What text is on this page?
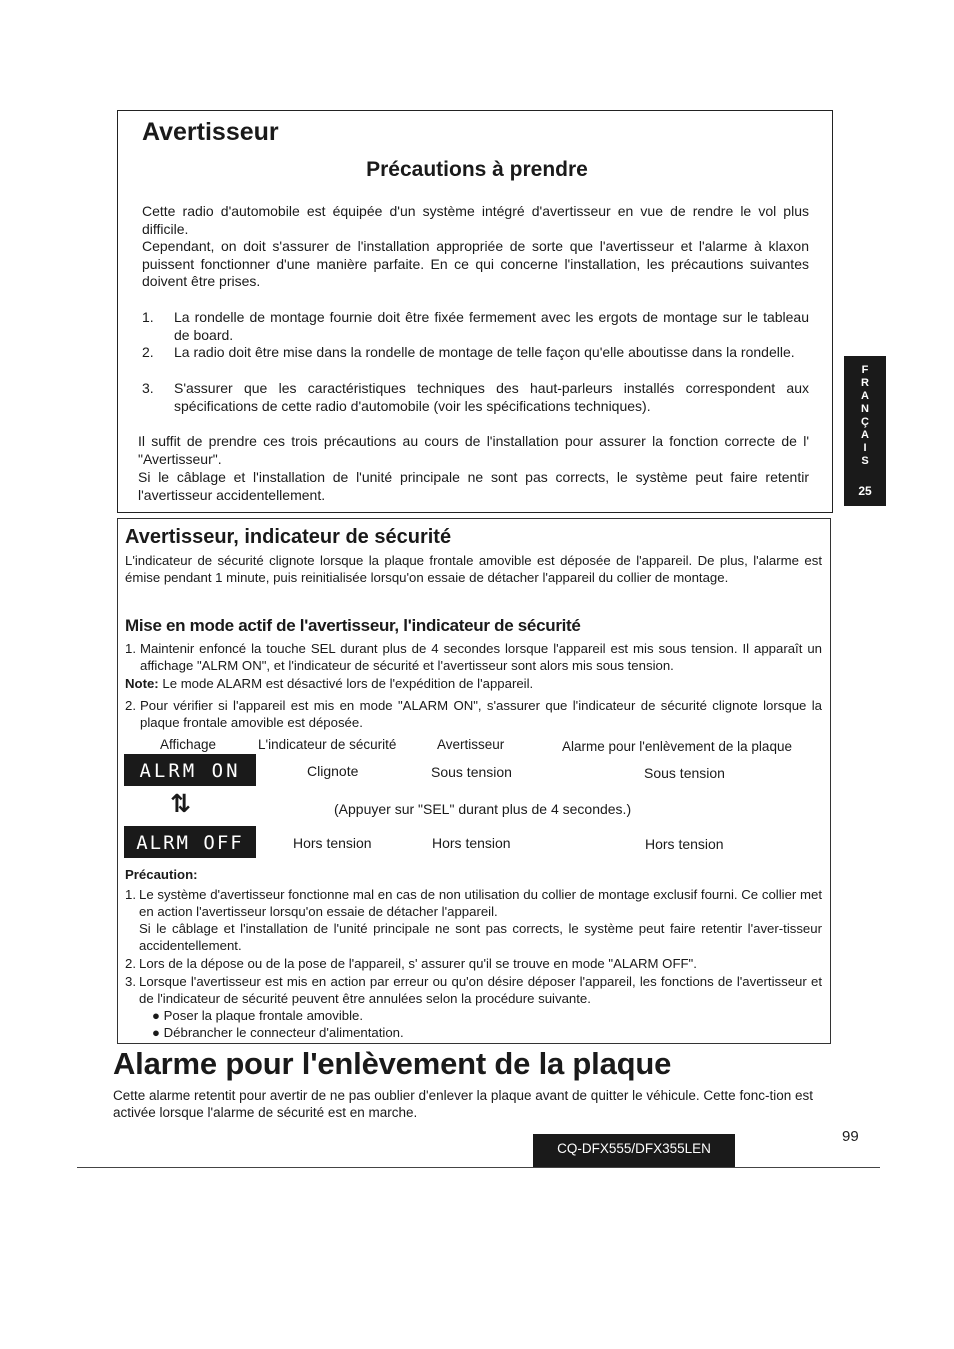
Avertisseur
Précautions à prendre

Cette radio d'automobile est équipée d'un système intégré d'avertisseur en vue de rendre le vol plus difficile.

Cependant, on doit s'assurer de l'installation appropriée de sorte que l'avertisseur et l'alarme à klaxon puissent fonctionner d'une manière parfaite. En ce qui concerne l'installation, les précautions suivantes doivent être prises.

1. La rondelle de montage fournie doit être fixée fermement avec les ergots de montage sur le tableau de board.
2. La radio doit être mise dans la rondelle de montage de telle façon qu'elle aboutisse dans la rondelle.
3. S'assurer que les caractéristiques techniques des haut-parleurs installés correspondent aux spécifications de cette radio d'automobile (voir les spécifications techniques).

Il suffit de prendre ces trois précautions au cours de l'installation pour assurer la fonction correcte de l' "Avertisseur".

Si le câblage et l'installation de l'unité principale ne sont pas corrects, le système peut faire retentir l'avertisseur accidentellement.

F
R
A
N
Ç
A
I
S
25
Avertisseur, indicateur de sécurité

L'indicateur de sécurité clignote lorsque la plaque frontale amovible est déposée de l'appareil. De plus, l'alarme est émise pendant 1 minute, puis reinitialisée lorsqu'on essaie de détacher l'appareil du collier de montage.

Mise en mode actif de l'avertisseur, l'indicateur de sécurité
1. Maintenir enfoncé la touche SEL durant plus de 4 secondes lorsque l'appareil est mis sous tension. Il apparaît un affichage "ALRM ON", et l'indicateur de sécurité et l'avertisseur sont alors mis sous tension.

Note: Le mode ALARM est désactivé lors de l'expédition de l'appareil.

2. Pour vérifier si l'appareil est mis en mode "ALARM ON", s'assurer que l'indicateur de sécurité clignote lorsque la plaque frontale amovible est déposée.
Affichage	L'indicateur de sécurité	Avertisseur	Alarme pour l'enlèvement de la plaque
ALRM ON	Clignote	Sous tension	Sous tension
⇅	(Appuyer sur "SEL" durant plus de 4 secondes.)
ALRM OFF	Hors tension	Hors tension	Hors tension
Précaution:
1. Le système d'avertisseur fonctionne mal en cas de non utilisation du collier de montage exclusif fourni. Ce collier met en action l'avertisseur lorsqu'on essaie de détacher l'appareil.
Si le câblage et l'installation de l'unité principale ne sont pas corrects, le système peut faire retentir l'aver-tisseur accidentellement.
2. Lors de la dépose ou de la pose de l'appareil, s' assurer qu'il se trouve en mode "ALARM OFF".
3. Lorsque l'avertisseur est mis en action par erreur ou qu'on désire déposer l'appareil, les fonctions de l'avertisseur et de l'indicateur de sécurité peuvent être annulées selon la procédure suivante.
● Poser la plaque frontale amovible.
● Débrancher le connecteur d'alimentation.
Alarme pour l'enlèvement de la plaque

Cette alarme retentit pour avertir de ne pas oublier d'enlever la plaque avant de quitter le véhicule. Cette fonc-tion est activée lorsque l'alarme de sécurité est en marche.

CQ-DFX555/DFX355LEN
99
